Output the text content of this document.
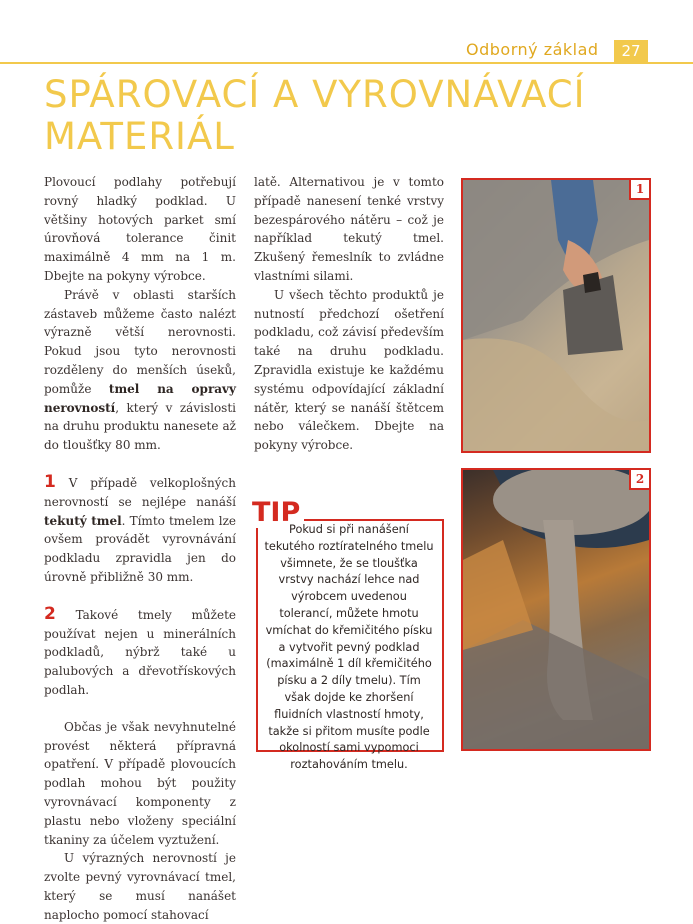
Odborný základ	27
SPÁROVACÍ A VYROVNÁVACÍ
MATERIÁL

Plovoucí podlahy potřebují rovný hladký podklad. U většiny hotových parket smí úrovňová tolerance činit maximálně 4 mm na 1 m. Dbejte na pokyny výrobce.

Právě v oblasti starších zástaveb můžeme často nalézt výrazně větší nerovnosti. Pokud jsou tyto nerovnosti rozděleny do menších úseků, pomůže tmel na opravy nerovností, který v závislosti na druhu produktu nanesete až do tloušťky 80 mm.

1 V případě velkoplošných nerovností se nejlépe nanáší tekutý tmel. Tímto tmelem lze ovšem provádět vyrovnávání podkladu zpravidla jen do úrovně přibližně 30 mm.

2 Takové tmely můžete používat nejen u minerálních podkladů, nýbrž také u palubových a dřevotřískových podlah.

Občas je však nevyhnutelné provést některá přípravná opatření. V případě plovoucích podlah mohou být použity vyrovnávací komponenty z plastu nebo vloženy speciální tkaniny za účelem vyztužení.

U výrazných nerovností je zvolte pevný vyrovnávací tmel, který se musí nanášet naplocho pomocí stahovací

latě. Alternativou je v tomto případě nanesení tenké vrstvy bezespárového nátěru – což je například tekutý tmel. Zkušený řemeslník to zvládne vlastními silami.

U všech těchto produktů je nutností předchozí ošetření podkladu, což závisí především také na druhu podkladu. Zpravidla existuje ke každému systému odpovídající základní nátěr, který se nanáší štětcem nebo válečkem. Dbejte na pokyny výrobce.

TIP
Pokud si při nanášení tekutého roztíratelného tmelu všimnete, že se tloušťka vrstvy nachází lehce nad výrobcem uvedenou tolerancí, můžete hmotu vmíchat do křemičitého písku a vytvořit pevný podklad (maximálně 1 díl křemičitého písku a 2 díly tmelu). Tím však dojde ke zhoršení fluidních vlastností hmoty, takže si přitom musíte podle okolností sami vypomoci roztahováním tmelu.
1
2
